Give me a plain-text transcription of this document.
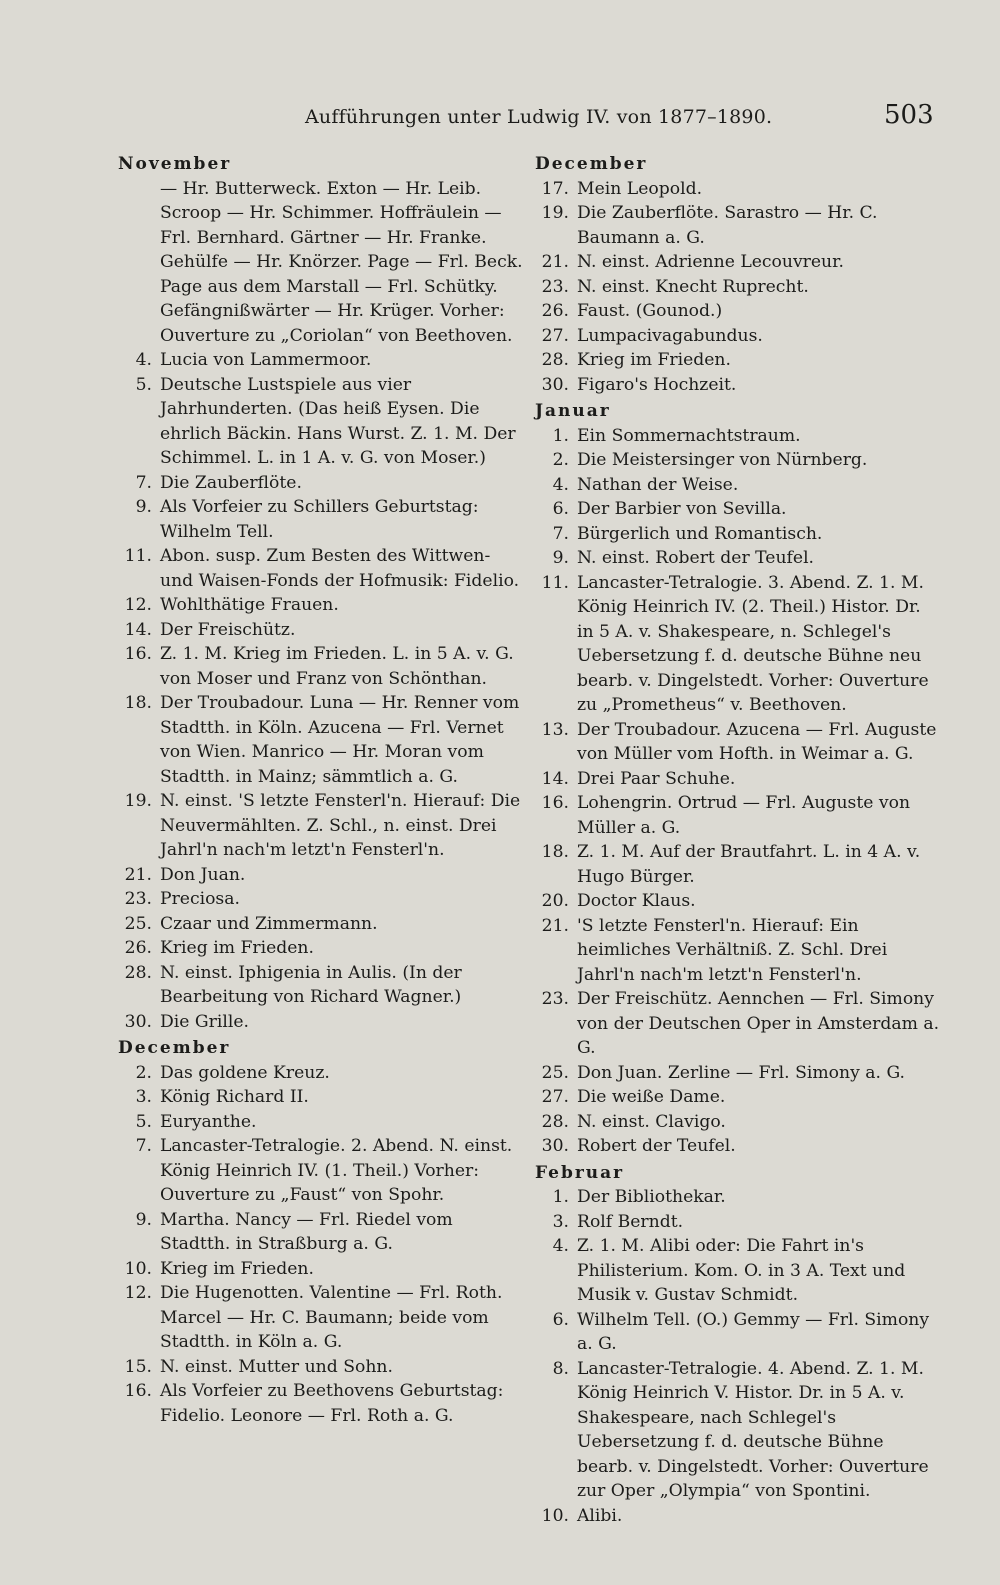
Aufführungen unter Ludwig IV. von 1877–1890.	503
November
— Hr. Butterweck. Exton — Hr. Leib. Scroop — Hr. Schimmer. Hoffräulein — Frl. Bernhard. Gärtner — Hr. Franke. Gehülfe — Hr. Knörzer. Page — Frl. Beck. Page aus dem Marstall — Frl. Schütky. Gefängnißwärter — Hr. Krüger. Vorher: Ouverture zu „Coriolan“ von Beethoven.
4. Lucia von Lammermoor.
5. Deutsche Lustspiele aus vier Jahrhunderten. (Das heiß Eysen. Die ehrlich Bäckin. Hans Wurst. Z. 1. M. Der Schimmel. L. in 1 A. v. G. von Moser.)
7. Die Zauberflöte.
9. Als Vorfeier zu Schillers Geburtstag: Wilhelm Tell.
11. Abon. susp. Zum Besten des Wittwen- und Waisen-Fonds der Hofmusik: Fidelio.
12. Wohlthätige Frauen.
14. Der Freischütz.
16. Z. 1. M. Krieg im Frieden. L. in 5 A. v. G. von Moser und Franz von Schönthan.
18. Der Troubadour. Luna — Hr. Renner vom Stadtth. in Köln. Azucena — Frl. Vernet von Wien. Manrico — Hr. Moran vom Stadtth. in Mainz; sämmtlich a. G.
19. N. einst. 'S letzte Fensterl'n. Hierauf: Die Neuvermählten. Z. Schl., n. einst. Drei Jahrl'n nach'm letzt'n Fensterl'n.
21. Don Juan.
23. Preciosa.
25. Czaar und Zimmermann.
26. Krieg im Frieden.
28. N. einst. Iphigenia in Aulis. (In der Bearbeitung von Richard Wagner.)
30. Die Grille.
December
2. Das goldene Kreuz.
3. König Richard II.
5. Euryanthe.
7. Lancaster-Tetralogie. 2. Abend. N. einst. König Heinrich IV. (1. Theil.) Vorher: Ouverture zu „Faust“ von Spohr.
9. Martha. Nancy — Frl. Riedel vom Stadtth. in Straßburg a. G.
10. Krieg im Frieden.
12. Die Hugenotten. Valentine — Frl. Roth. Marcel — Hr. C. Baumann; beide vom Stadtth. in Köln a. G.
15. N. einst. Mutter und Sohn.
16. Als Vorfeier zu Beethovens Geburtstag: Fidelio. Leonore — Frl. Roth a. G.
December
17. Mein Leopold.
19. Die Zauberflöte. Sarastro — Hr. C. Baumann a. G.
21. N. einst. Adrienne Lecouvreur.
23. N. einst. Knecht Ruprecht.
26. Faust. (Gounod.)
27. Lumpacivagabundus.
28. Krieg im Frieden.
30. Figaro's Hochzeit.
Januar
1. Ein Sommernachtstraum.
2. Die Meistersinger von Nürnberg.
4. Nathan der Weise.
6. Der Barbier von Sevilla.
7. Bürgerlich und Romantisch.
9. N. einst. Robert der Teufel.
11. Lancaster-Tetralogie. 3. Abend. Z. 1. M. König Heinrich IV. (2. Theil.) Histor. Dr. in 5 A. v. Shakespeare, n. Schlegel's Uebersetzung f. d. deutsche Bühne neu bearb. v. Dingelstedt. Vorher: Ouverture zu „Prometheus“ v. Beethoven.
13. Der Troubadour. Azucena — Frl. Auguste von Müller vom Hofth. in Weimar a. G.
14. Drei Paar Schuhe.
16. Lohengrin. Ortrud — Frl. Auguste von Müller a. G.
18. Z. 1. M. Auf der Brautfahrt. L. in 4 A. v. Hugo Bürger.
20. Doctor Klaus.
21. 'S letzte Fensterl'n. Hierauf: Ein heimliches Verhältniß. Z. Schl. Drei Jahrl'n nach'm letzt'n Fensterl'n.
23. Der Freischütz. Aennchen — Frl. Simony von der Deutschen Oper in Amsterdam a. G.
25. Don Juan. Zerline — Frl. Simony a. G.
27. Die weiße Dame.
28. N. einst. Clavigo.
30. Robert der Teufel.
Februar
1. Der Bibliothekar.
3. Rolf Berndt.
4. Z. 1. M. Alibi oder: Die Fahrt in's Philisterium. Kom. O. in 3 A. Text und Musik v. Gustav Schmidt.
6. Wilhelm Tell. (O.) Gemmy — Frl. Simony a. G.
8. Lancaster-Tetralogie. 4. Abend. Z. 1. M. König Heinrich V. Histor. Dr. in 5 A. v. Shakespeare, nach Schlegel's Uebersetzung f. d. deutsche Bühne bearb. v. Dingelstedt. Vorher: Ouverture zur Oper „Olympia“ von Spontini.
10. Alibi.
